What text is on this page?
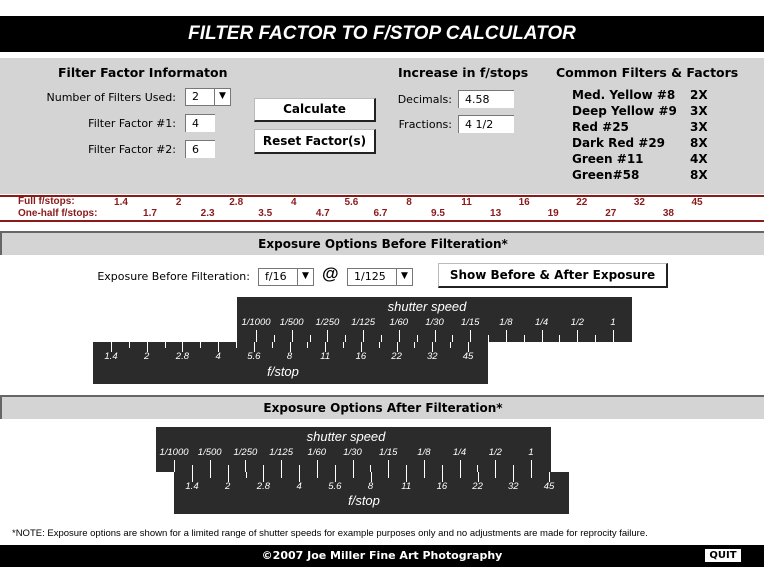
FILTER FACTOR TO F/STOP CALCULATOR
Filter Factor Informaton
Number of Filters Used:	2	▼
Filter Factor #1:	4
Filter Factor #2:	6
Calculate
Reset Factor(s)
Increase in f/stops
Decimals:	4.58
Fractions:	4 1/2
Common Filters & Factors
Med. Yellow #8 2X
Deep Yellow #9 3X
Red #25	3X
Dark Red #29 8X
Green #11	4X
Green#58	8X
Full f/stops:
One-half f/stops:
1.4	2	2.8	4	5.6	8	11	16	22	32	45
1.7	2.3	3.5	4.7	6.7	9.5	13	19	27	38
Exposure Options Before Filteration*
Exposure Before Filteration:	f/16	▼ @	1/125	▼	Show Before & After Exposure
shutter speed
f/stop
1/1000 1/500	1/250	1/125	1/60	1/30	1/15	1/8	1/4	1/2	1
1.4	2	2.8	4	5.6	8	11	16	22	32	45
Exposure Options After Filteration*
shutter speed
f/stop
1/1000 1/500	1/250	1/125	1/60	1/30	1/15	1/8	1/4	1/2	1
1.4	2	2.8	4	5.6	8	11	16	22	32	45
*NOTE: Exposure options are shown for a limited range of shutter speeds for example purposes only and no adjustments are made for reprocity failure.
©2007 Joe Miller Fine Art Photography	QUIT
